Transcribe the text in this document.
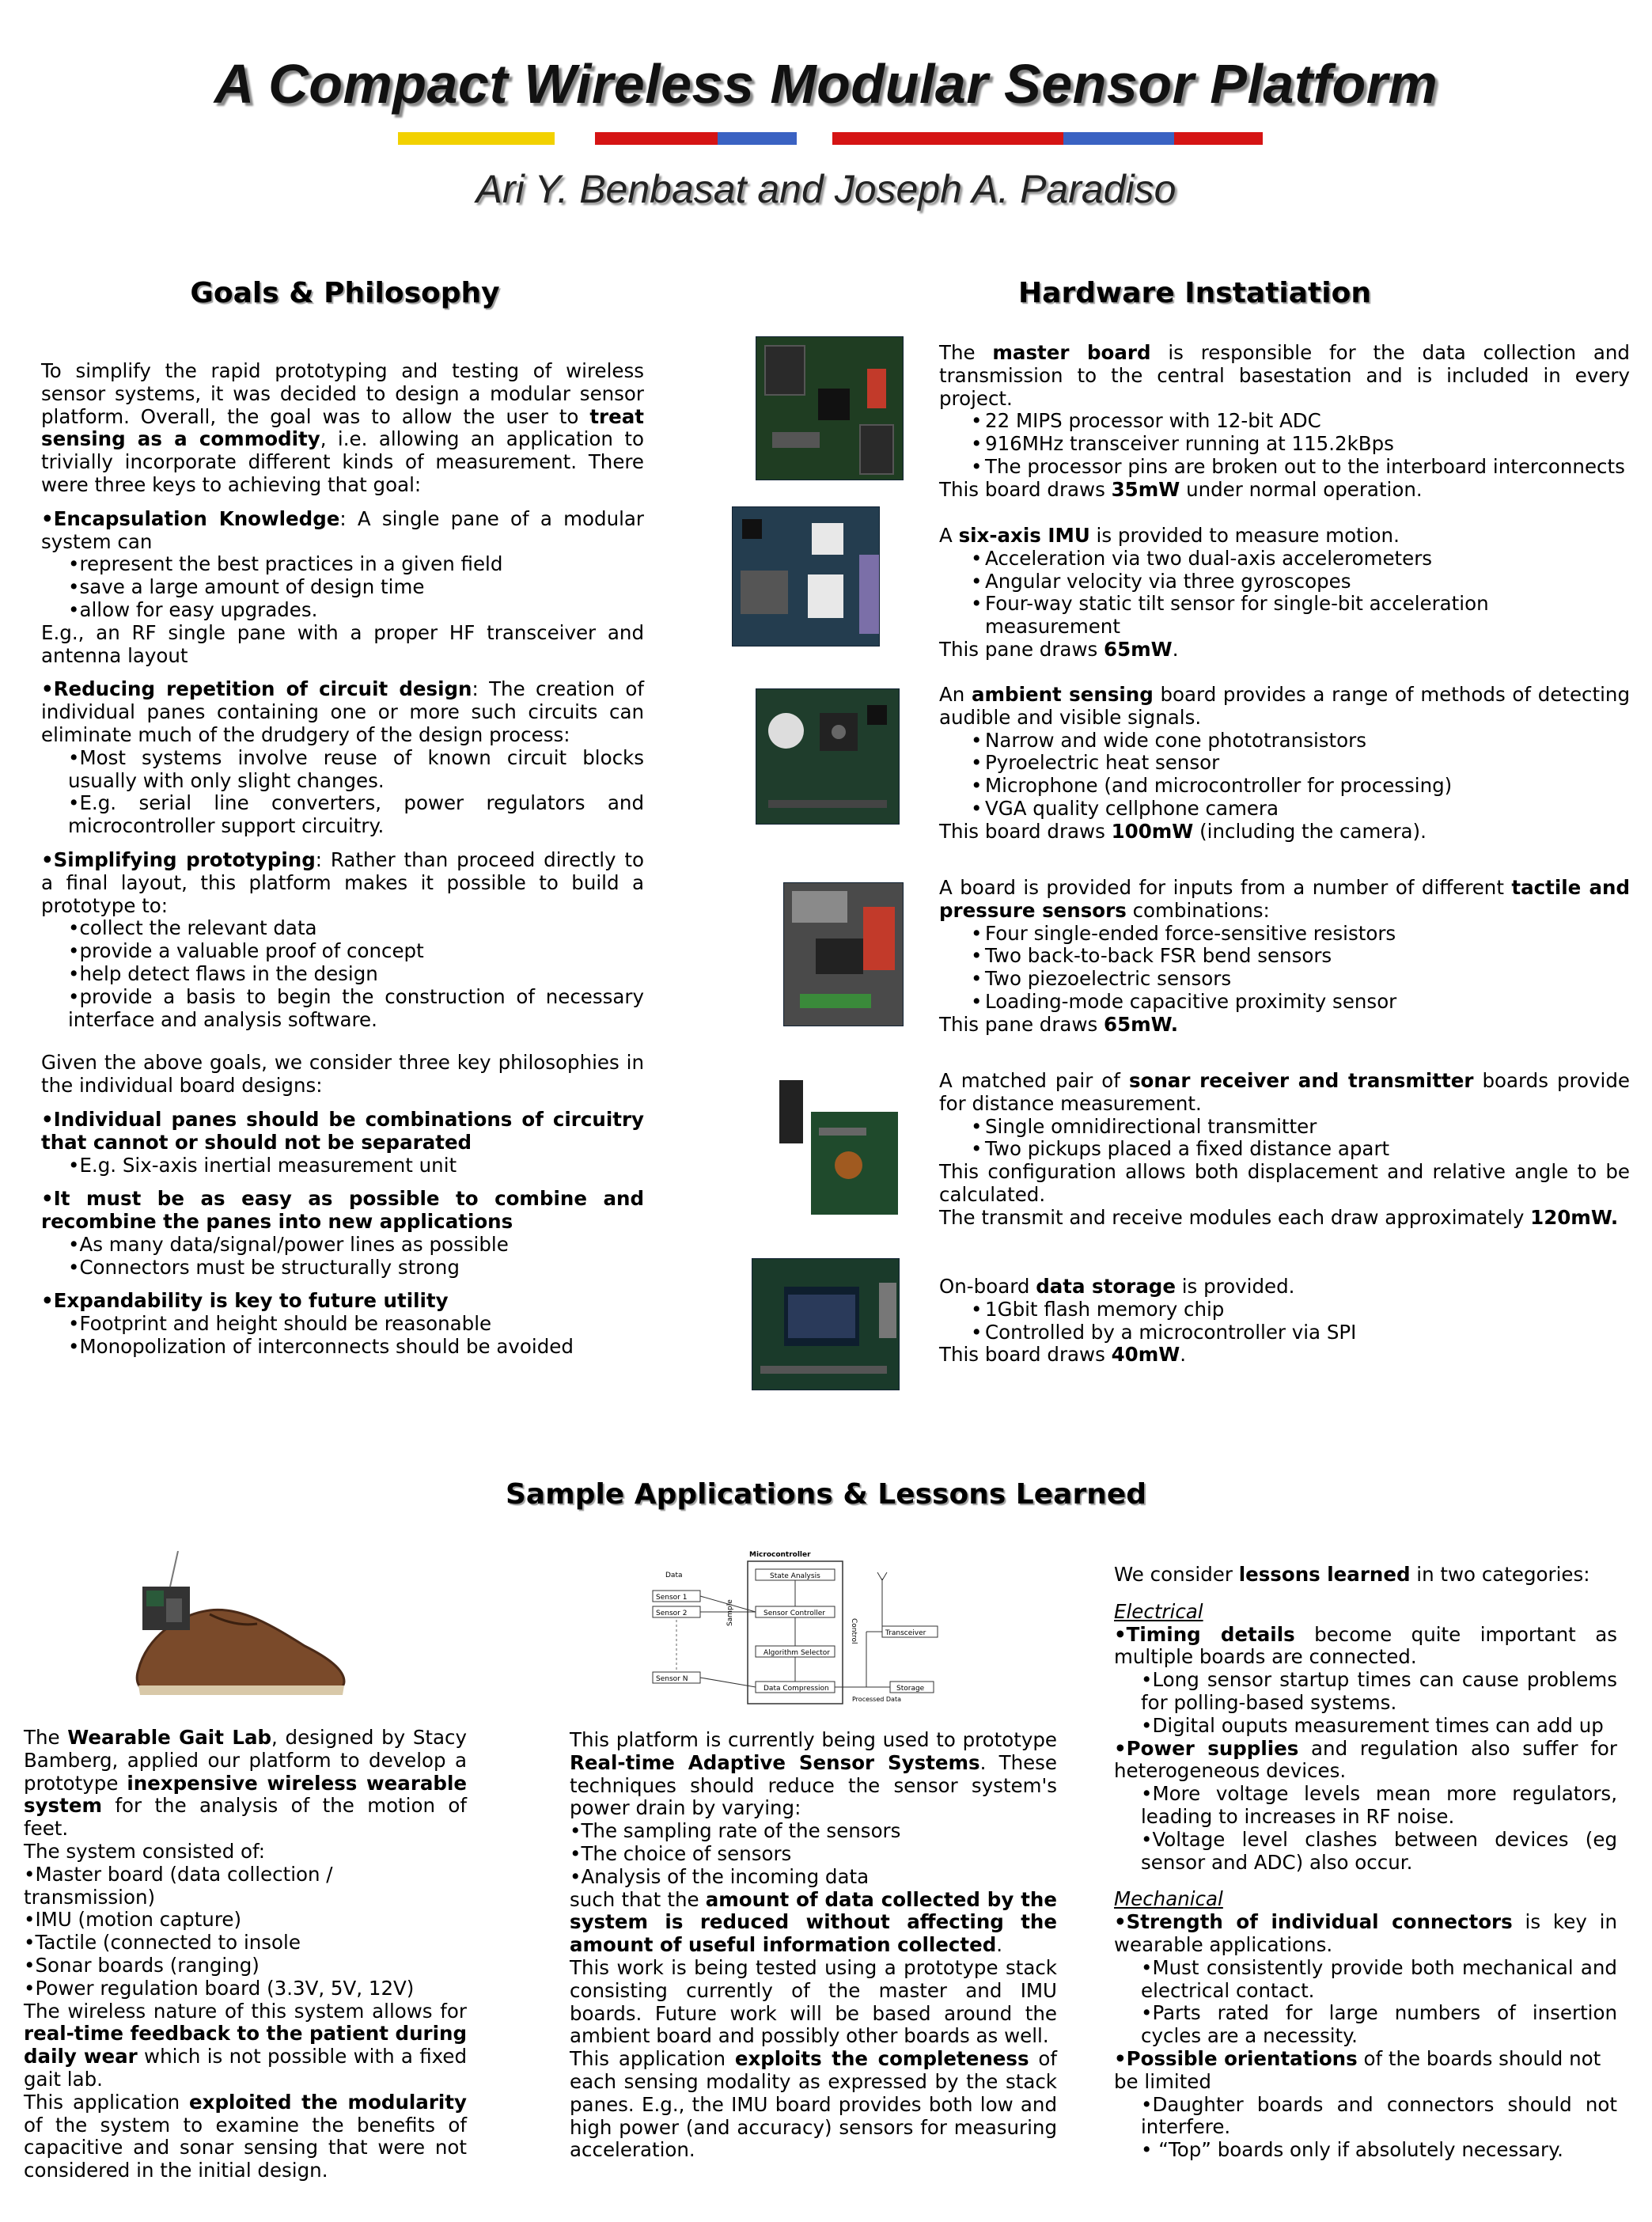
A Compact Wireless Modular Sensor Platform
Ari Y. Benbasat and Joseph A. Paradiso
Goals & Philosophy

To simplify the rapid prototyping and testing of wireless sensor systems, it was decided to design a modular sensor platform. Overall, the goal was to allow the user to treat sensing as a commodity, i.e. allowing an application to trivially incorporate different kinds of measurement. There were three keys to achieving that goal:

•Encapsulation Knowledge: A single pane of a modular system can

•represent the best practices in a given field

•save a large amount of design time

•allow for easy upgrades.

E.g., an RF single pane with a proper HF transceiver and antenna layout

•Reducing repetition of circuit design: The creation of individual panes containing one or more such circuits can eliminate much of the drudgery of the design process:

•Most systems involve reuse of known circuit blocks usually with only slight changes.

•E.g. serial line converters, power regulators and microcontroller support circuitry.

•Simplifying prototyping: Rather than proceed directly to a final layout, this platform makes it possible to build a prototype to:

•collect the relevant data

•provide a valuable proof of concept

•help detect flaws in the design

•provide a basis to begin the construction of necessary interface and analysis software.

Given the above goals, we consider three key philosophies in the individual board designs:

•Individual panes should be combinations of circuitry that cannot or should not be separated

•E.g. Six-axis inertial measurement unit

•It must be as easy as possible to combine and recombine the panes into new applications

•As many data/signal/power lines as possible

•Connectors must be structurally strong

•Expandability is key to future utility

•Footprint and height should be reasonable

•Monopolization of interconnects should be avoided

Hardware Instatiation

The master board is responsible for the data collection and transmission to the central basestation and is included in every project.

• 22 MIPS processor with 12-bit ADC

• 916MHz transceiver running at 115.2kBps

• The processor pins are broken out to the interboard interconnects

This board draws 35mW under normal operation.

A six-axis IMU is provided to measure motion.

• Acceleration via two dual-axis accelerometers

• Angular velocity via three gyroscopes

• Four-way static tilt sensor for single-bit acceleration measurement

This pane draws 65mW.

An ambient sensing board provides a range of methods of detecting audible and visible signals.

• Narrow and wide cone phototransistors

• Pyroelectric heat sensor

• Microphone (and microcontroller for processing)

• VGA quality cellphone camera

This board draws 100mW (including the camera).

A board is provided for inputs from a number of different tactile and pressure sensors combinations:

• Four single-ended force-sensitive resistors

• Two back-to-back FSR bend sensors

• Two piezoelectric sensors

• Loading-mode capacitive proximity sensor

This pane draws 65mW.

A matched pair of sonar receiver and transmitter boards provide for distance measurement.

• Single omnidirectional transmitter

• Two pickups placed a fixed distance apart

This configuration allows both displacement and relative angle to be calculated.

The transmit and receive modules each draw approximately 120mW.

On-board data storage is provided.

• 1Gbit flash memory chip

• Controlled by a microcontroller via SPI

This board draws 40mW.

Sample Applications & Lessons Learned
Microcontroller
Data
Sensor 1
Sensor 2
Sensor N
State Analysis
Sensor Controller
Algorithm Selector
Data Compression
Sample
Control	Transceiver
Storage
Processed Data

The Wearable Gait Lab, designed by Stacy Bamberg, applied our platform to develop a prototype inexpensive wireless wearable system for the analysis of the motion of feet.

The system consisted of:

•Master board (data collection / transmission)

•IMU (motion capture)

•Tactile (connected to insole

•Sonar boards (ranging)

•Power regulation board (3.3V, 5V, 12V)

The wireless nature of this system allows for real-time feedback to the patient during daily wear which is not possible with a fixed gait lab.

This application exploited the modularity of the system to examine the benefits of capacitive and sonar sensing that were not considered in the initial design.

This platform is currently being used to prototype Real-time Adaptive Sensor Systems. These techniques should reduce the sensor system's power drain by varying:

•The sampling rate of the sensors

•The choice of sensors

•Analysis of the incoming data

such that the amount of data collected by the system is reduced without affecting the amount of useful information collected.

This work is being tested using a prototype stack consisting currently of the master and IMU boards. Future work will be based around the ambient board and possibly other boards as well.

This application exploits the completeness of each sensing modality as expressed by the stack panes. E.g., the IMU board provides both low and high power (and accuracy) sensors for measuring acceleration.

We consider lessons learned in two categories:

Electrical

•Timing details become quite important as multiple boards are connected.

•Long sensor startup times can cause problems for polling-based systems.

•Digital ouputs measurement times can add up

•Power supplies and regulation also suffer for heterogeneous devices.

•More voltage levels mean more regulators, leading to increases in RF noise.

•Voltage level clashes between devices (eg sensor and ADC) also occur.

Mechanical

•Strength of individual connectors is key in wearable applications.

•Must consistently provide both mechanical and electrical contact.

•Parts rated for large numbers of insertion cycles are a necessity.

•Possible orientations of the boards should not be limited

•Daughter boards and connectors should not interfere.

• “Top” boards only if absolutely necessary.
